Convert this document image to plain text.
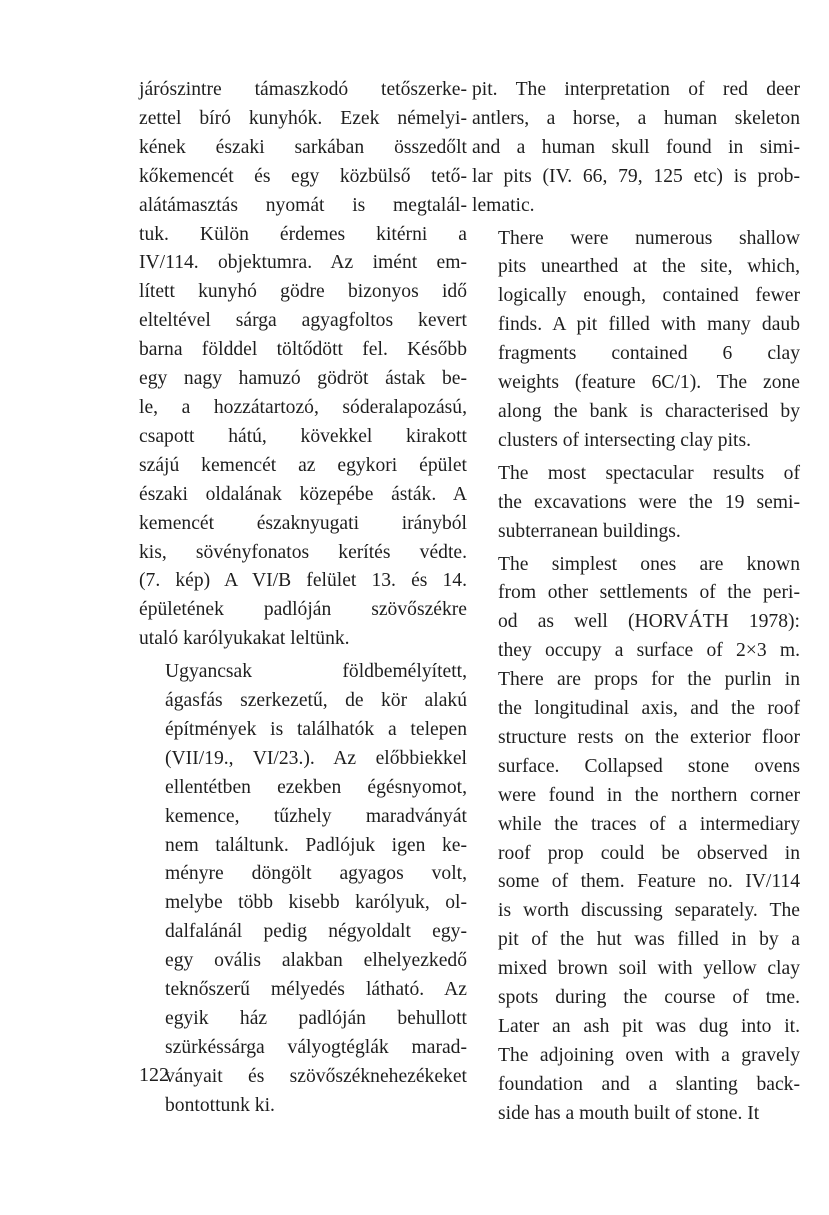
járószintre támaszkodó tetőszerke-
zettel bíró kunyhók. Ezek némelyi-
kének északi sarkában összedőlt
kőkemencét és egy közbülső tető-
alátámasztás nyomát is megtalál-
tuk. Külön érdemes kitérni a
IV/114. objektumra. Az imént em-
lített kunyhó gödre bizonyos idő
elteltével sárga agyagfoltos kevert
barna földdel töltődött fel. Később
egy nagy hamuzó gödröt ástak be-
le, a hozzátartozó, sóderalapozású,
csapott hátú, kövekkel kirakott
szájú kemencét az egykori épület
északi oldalának közepébe ásták. A
kemencét északnyugati irányból
kis, sövényfonatos kerítés védte.
(7. kép) A VI/B felület 13. és 14.
épületének padlóján szövőszékre
utaló karólyukakat leltünk.

Ugyancsak földbemélyített,
ágasfás szerkezetű, de kör alakú
építmények is találhatók a telepen
(VII/19., VI/23.). Az előbbiekkel
ellentétben ezekben égésnyomot,
kemence, tűzhely maradványát
nem találtunk. Padlójuk igen ke-
ményre döngölt agyagos volt,
melybe több kisebb karólyuk, ol-
dalfalánál pedig négyoldalt egy-
egy ovális alakban elhelyezkedő
teknőszerű mélyedés látható. Az
egyik ház padlóján behullott
szürkéssárga vályogtéglák marad-
ványait és szövőszéknehezékeket
bontottunk ki.

pit. The interpretation of red deer
antlers, a horse, a human skeleton
and a human skull found in simi-
lar pits (IV. 66, 79, 125 etc) is prob-
lematic.

There were numerous shallow
pits unearthed at the site, which,
logically enough, contained fewer
finds. A pit filled with many daub
fragments contained 6 clay
weights (feature 6C/1). The zone
along the bank is characterised by
clusters of intersecting clay pits.

The most spectacular results of
the excavations were the 19 semi-
subterranean buildings.

The simplest ones are known
from other settlements of the peri-
od as well (HORVÁTH 1978):
they occupy a surface of 2×3 m.
There are props for the purlin in
the longitudinal axis, and the roof
structure rests on the exterior floor
surface. Collapsed stone ovens
were found in the northern corner
while the traces of a intermediary
roof prop could be observed in
some of them. Feature no. IV/114
is worth discussing separately. The
pit of the hut was filled in by a
mixed brown soil with yellow clay
spots during the course of tme.
Later an ash pit was dug into it.
The adjoining oven with a gravely
foundation and a slanting back-
side has a mouth built of stone. It

122
